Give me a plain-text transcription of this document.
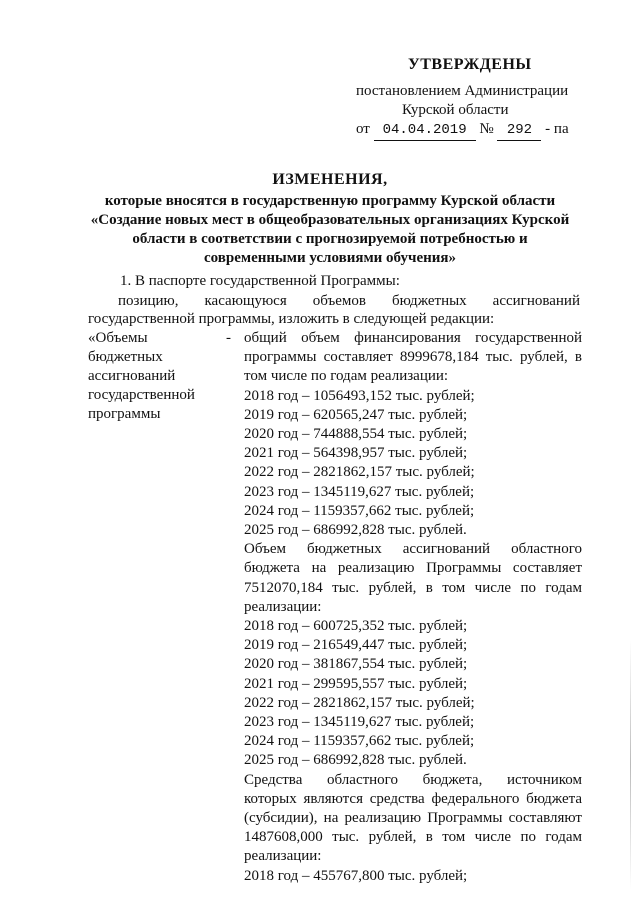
УТВЕРЖДЕНЫ
постановлением Администрации
Курской области
от 04.04.2019 № 292 - па
ИЗМЕНЕНИЯ,
которые вносятся в государственную программу Курской области
«Создание новых мест в общеобразовательных организациях Курской
области в соответствии с прогнозируемой потребностью и
современными условиями обучения»
1. В паспорте государственной Программы:
позицию, касающуюся объемов бюджетных ассигнований
государственной программы, изложить в следующей редакции:
«Объемы
бюджетных
ассигнований
государственной
программы
- общий объем финансирования государственной
программы составляет 8999678,184 тыс. рублей, в
том числе по годам реализации:
2018 год – 1056493,152 тыс. рублей;
2019 год – 620565,247 тыс. рублей;
2020 год – 744888,554 тыс. рублей;
2021 год – 564398,957 тыс. рублей;
2022 год – 2821862,157 тыс. рублей;
2023 год – 1345119,627 тыс. рублей;
2024 год – 1159357,662 тыс. рублей;
2025 год – 686992,828 тыс. рублей.
Объем бюджетных ассигнований областного
бюджета на реализацию Программы составляет
7512070,184 тыс. рублей, в том числе по годам
реализации:
2018 год – 600725,352 тыс. рублей;
2019 год – 216549,447 тыс. рублей;
2020 год – 381867,554 тыс. рублей;
2021 год – 299595,557 тыс. рублей;
2022 год – 2821862,157 тыс. рублей;
2023 год – 1345119,627 тыс. рублей;
2024 год – 1159357,662 тыс. рублей;
2025 год – 686992,828 тыс. рублей.
Средства областного бюджета, источником
которых являются средства федерального бюджета
(субсидии), на реализацию Программы составляют
1487608,000 тыс. рублей, в том числе по годам
реализации:
2018 год – 455767,800 тыс. рублей;
